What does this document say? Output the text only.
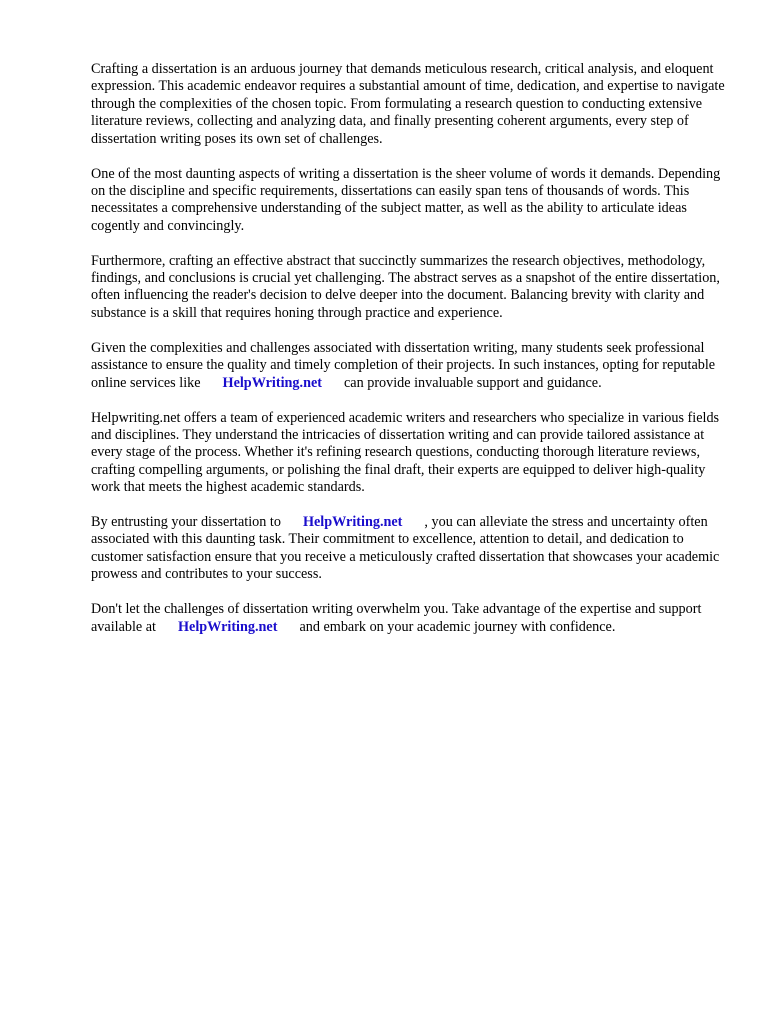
Crafting a dissertation is an arduous journey that demands meticulous research, critical analysis, and eloquent expression. This academic endeavor requires a substantial amount of time, dedication, and expertise to navigate through the complexities of the chosen topic. From formulating a research question to conducting extensive literature reviews, collecting and analyzing data, and finally presenting coherent arguments, every step of dissertation writing poses its own set of challenges.

One of the most daunting aspects of writing a dissertation is the sheer volume of words it demands. Depending on the discipline and specific requirements, dissertations can easily span tens of thousands of words. This necessitates a comprehensive understanding of the subject matter, as well as the ability to articulate ideas cogently and convincingly.

Furthermore, crafting an effective abstract that succinctly summarizes the research objectives, methodology, findings, and conclusions is crucial yet challenging. The abstract serves as a snapshot of the entire dissertation, often influencing the reader's decision to delve deeper into the document. Balancing brevity with clarity and substance is a skill that requires honing through practice and experience.

Given the complexities and challenges associated with dissertation writing, many students seek professional assistance to ensure the quality and timely completion of their projects. In such instances, opting for reputable online services like HelpWriting.net can provide invaluable support and guidance.

Helpwriting.net offers a team of experienced academic writers and researchers who specialize in various fields and disciplines. They understand the intricacies of dissertation writing and can provide tailored assistance at every stage of the process. Whether it's refining research questions, conducting thorough literature reviews, crafting compelling arguments, or polishing the final draft, their experts are equipped to deliver high-quality work that meets the highest academic standards.

By entrusting your dissertation to HelpWriting.net , you can alleviate the stress and uncertainty often associated with this daunting task. Their commitment to excellence, attention to detail, and dedication to customer satisfaction ensure that you receive a meticulously crafted dissertation that showcases your academic prowess and contributes to your success.

Don't let the challenges of dissertation writing overwhelm you. Take advantage of the expertise and support available at HelpWriting.net and embark on your academic journey with confidence.
